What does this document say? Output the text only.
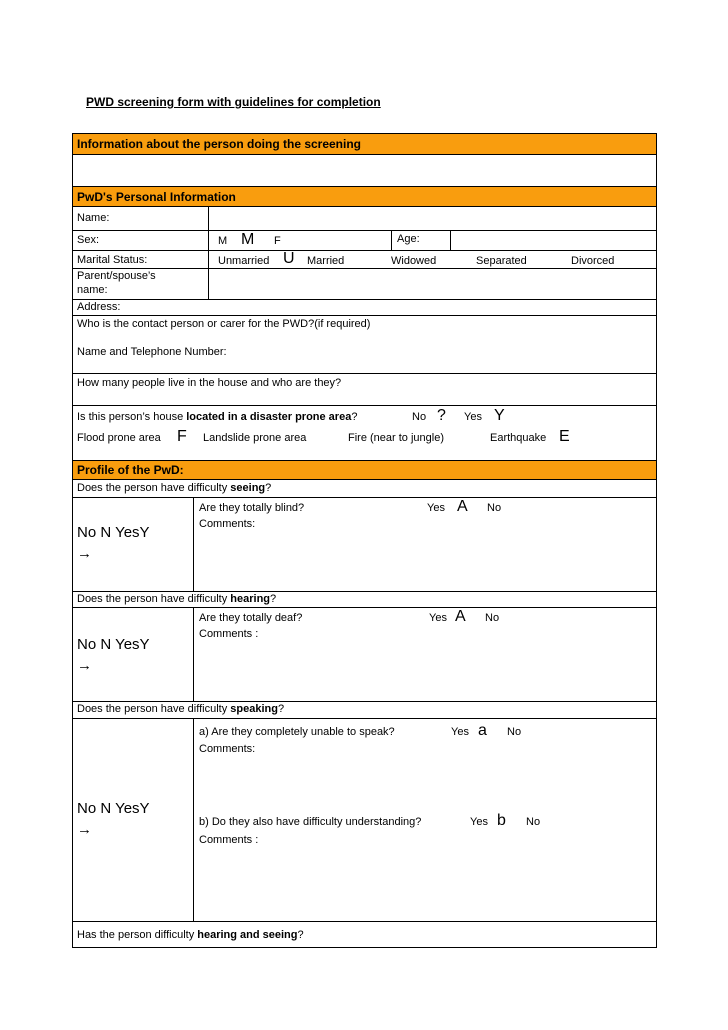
PWD screening form with guidelines for completion
Information about the person doing the screening
PwD's Personal Information
Name:
Sex:	M M F	Age:
Marital Status:	Unmarried U Married	Widowed	Separated	Divorced
Parent/spouse’s name:
Address:
Who is the contact person or carer for the PWD?(if required)
Name and Telephone Number:
How many people live in the house and who are they?
Is this person’s house located in a disaster prone area?	No ? Yes Y
Flood prone area F Landslide prone area	Fire (near to jungle)	Earthquake E
Profile of the PwD:
Does the person have difficulty seeing?
No N YesY
→
Are they totally blind?	Yes A No
Comments:
Does the person have difficulty hearing?
No N YesY
→
Are they totally deaf?	Yes A No
Comments :
Does the person have difficulty speaking?
No N YesY
→
a) Are they completely unable to speak?	Yes a No
Comments:
b) Do they also have difficulty understanding?	Yes b No
Comments :
Has the person difficulty hearing and seeing?
